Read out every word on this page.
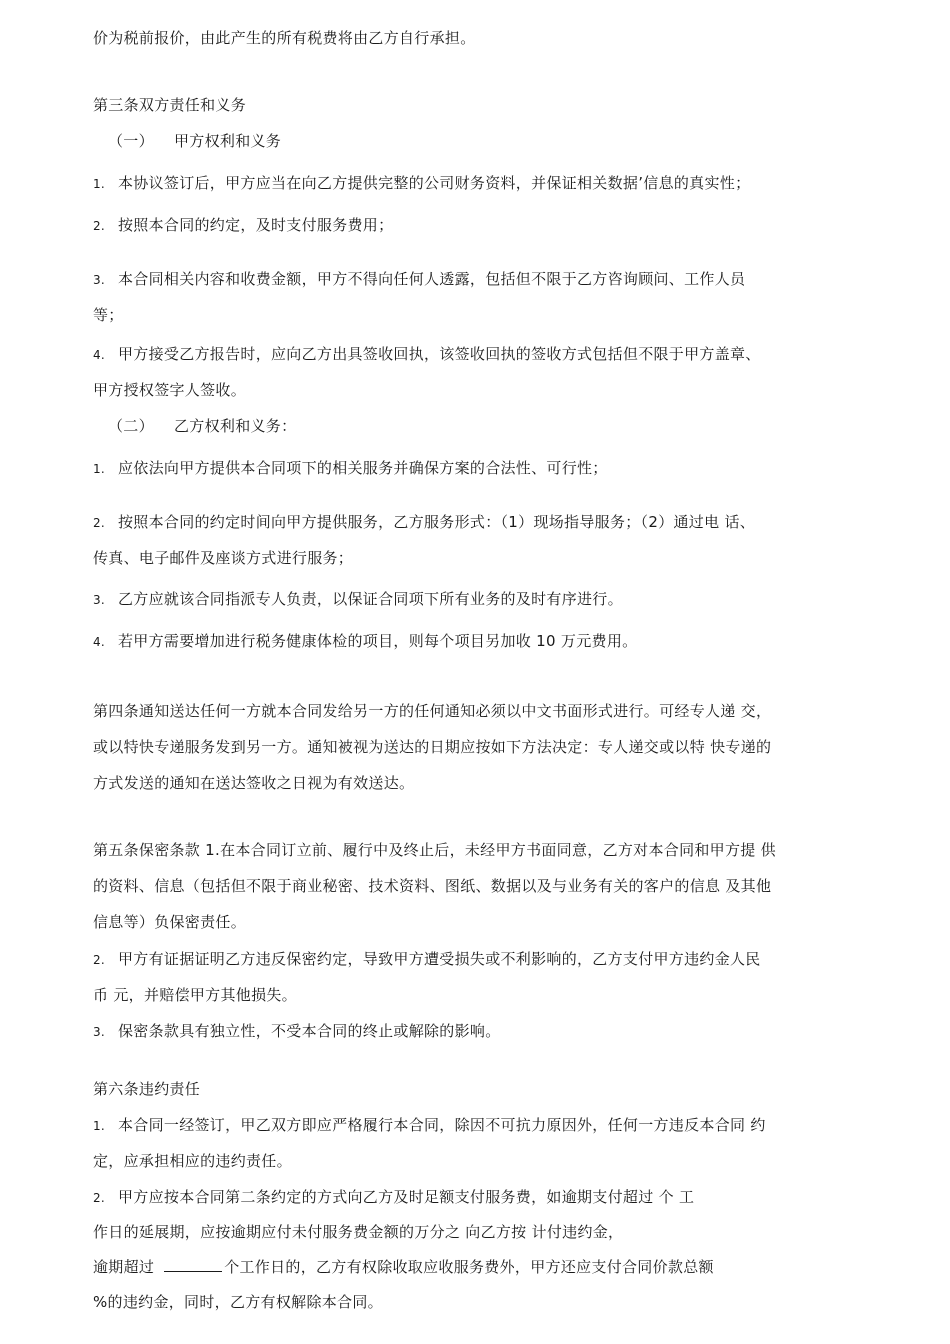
价为税前报价，由此产生的所有税费将由乙方自行承担。
第三条双方责任和义务
（一） 甲方权利和义务
1. 本协议签订后，甲方应当在向乙方提供完整的公司财务资料，并保证相关数据’信息的真实性；
2. 按照本合同的约定，及时支付服务费用；
3. 本合同相关内容和收费金额，甲方不得向任何人透露，包括但不限于乙方咨询顾问、工作人员
等；
4. 甲方接受乙方报告时，应向乙方出具签收回执，该签收回执的签收方式包括但不限于甲方盖章、
甲方授权签字人签收。
（二） 乙方权利和义务：
1. 应依法向甲方提供本合同项下的相关服务并确保方案的合法性、可行性；
2. 按照本合同的约定时间向甲方提供服务，乙方服务形式：（1）现场指导服务；（2）通过电 话、
传真、电子邮件及座谈方式进行服务；
3. 乙方应就该合同指派专人负责，以保证合同项下所有业务的及时有序进行。
4. 若甲方需要增加进行税务健康体检的项目，则每个项目另加收 10 万元费用。
第四条通知送达任何一方就本合同发给另一方的任何通知必须以中文书面形式进行。可经专人递 交，
或以特快专递服务发到另一方。通知被视为送达的日期应按如下方法决定：专人递交或以特 快专递的
方式发送的通知在送达签收之日视为有效送达。
第五条保密条款 1.在本合同订立前、履行中及终止后，未经甲方书面同意，乙方对本合同和甲方提 供
的资料、信息（包括但不限于商业秘密、技术资料、图纸、数据以及与业务有关的客户的信息 及其他
信息等）负保密责任。
2. 甲方有证据证明乙方违反保密约定，导致甲方遭受损失或不利影响的，乙方支付甲方违约金人民
币 元，并赔偿甲方其他损失。
3. 保密条款具有独立性，不受本合同的终止或解除的影响。
第六条违约责任
1. 本合同一经签订，甲乙双方即应严格履行本合同，除因不可抗力原因外，任何一方违反本合同 约
定，应承担相应的违约责任。
2. 甲方应按本合同第二条约定的方式向乙方及时足额支付服务费，如逾期支付超过 个 工
作日的延展期，应按逾期应付未付服务费金额的万分之 向乙方按 计付违约金，
逾期超过	个工作日的，乙方有权除收取应收服务费外，甲方还应支付合同价款总额
%的违约金，同时，乙方有权解除本合同。
